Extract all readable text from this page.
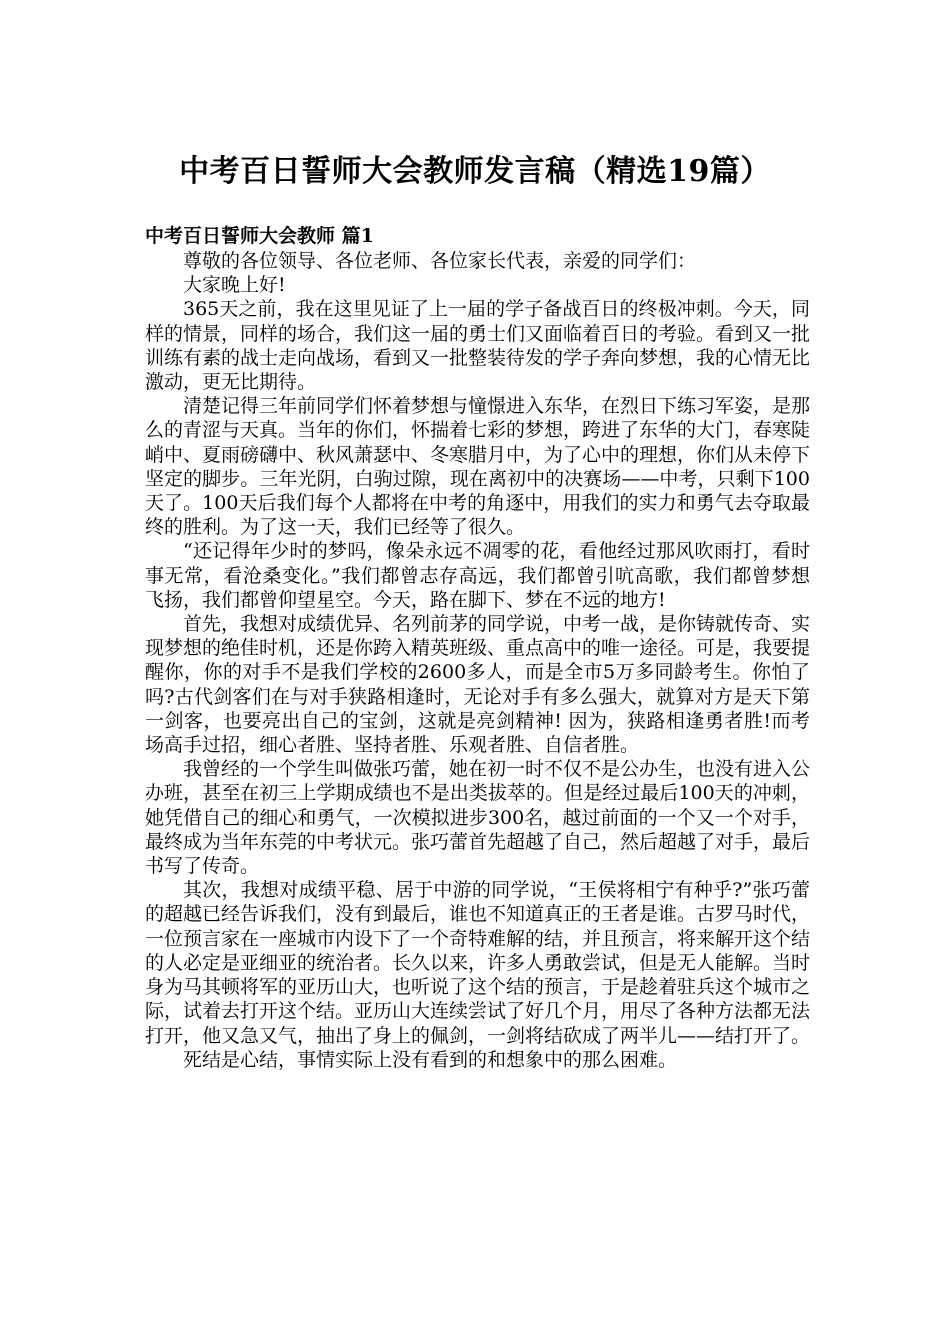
中考百日誓师大会教师发言稿（精选19篇）
中考百日誓师大会教师 篇1

尊敬的各位领导、各位老师、各位家长代表，亲爱的同学们：

大家晚上好!

365天之前，我在这里见证了上一届的学子备战百日的终极冲刺。今天，同样的情景，同样的场合，我们这一届的勇士们又面临着百日的考验。看到又一批训练有素的战士走向战场，看到又一批整装待发的学子奔向梦想，我的心情无比激动，更无比期待。

清楚记得三年前同学们怀着梦想与憧憬进入东华，在烈日下练习军姿，是那么的青涩与天真。当年的你们，怀揣着七彩的梦想，跨进了东华的大门，春寒陡峭中、夏雨磅礴中、秋风萧瑟中、冬寒腊月中，为了心中的理想，你们从未停下坚定的脚步。三年光阴，白驹过隙，现在离初中的决赛场——中考，只剩下100天了。100天后我们每个人都将在中考的角逐中，用我们的实力和勇气去夺取最终的胜利。为了这一天，我们已经等了很久。

“还记得年少时的梦吗，像朵永远不凋零的花，看他经过那风吹雨打，看时事无常，看沧桑变化。”我们都曾志存高远，我们都曾引吭高歌，我们都曾梦想飞扬，我们都曾仰望星空。今天，路在脚下、梦在不远的地方!

首先，我想对成绩优异、名列前茅的同学说，中考一战，是你铸就传奇、实现梦想的绝佳时机，还是你跨入精英班级、重点高中的唯一途径。可是，我要提醒你，你的对手不是我们学校的2600多人，而是全市5万多同龄考生。你怕了吗?古代剑客们在与对手狭路相逢时，无论对手有多么强大，就算对方是天下第一剑客，也要亮出自己的宝剑，这就是亮剑精神! 因为，狭路相逢勇者胜!而考场高手过招，细心者胜、坚持者胜、乐观者胜、自信者胜。

我曾经的一个学生叫做张巧蕾，她在初一时不仅不是公办生，也没有进入公办班，甚至在初三上学期成绩也不是出类拔萃的。但是经过最后100天的冲刺，她凭借自己的细心和勇气，一次模拟进步300名，越过前面的一个又一个对手，最终成为当年东莞的中考状元。张巧蕾首先超越了自己，然后超越了对手，最后书写了传奇。

其次，我想对成绩平稳、居于中游的同学说，“王侯将相宁有种乎?”张巧蕾的超越已经告诉我们，没有到最后，谁也不知道真正的王者是谁。古罗马时代，一位预言家在一座城市内设下了一个奇特难解的结，并且预言，将来解开这个结的人必定是亚细亚的统治者。长久以来，许多人勇敢尝试，但是无人能解。当时身为马其顿将军的亚历山大，也听说了这个结的预言，于是趁着驻兵这个城市之际，试着去打开这个结。亚历山大连续尝试了好几个月，用尽了各种方法都无法打开，他又急又气，抽出了身上的佩剑，一剑将结砍成了两半儿——结打开了。

死结是心结，事情实际上没有看到的和想象中的那么困难。
